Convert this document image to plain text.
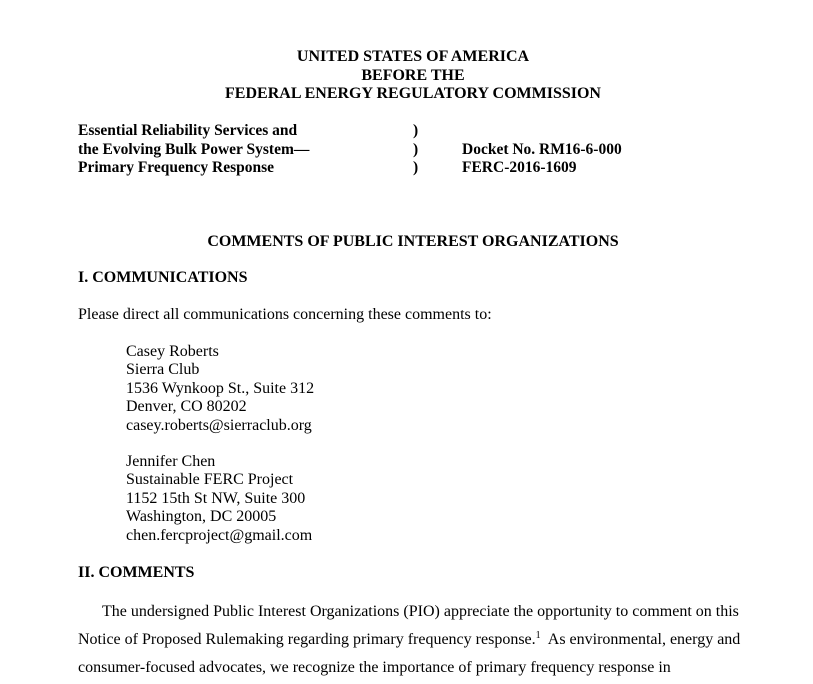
UNITED STATES OF AMERICA
BEFORE THE
FEDERAL ENERGY REGULATORY COMMISSION
Essential Reliability Services and
the Evolving Bulk Power System—
Primary Frequency Response
)
)
)
Docket No. RM16-6-000
FERC-2016-1609
COMMENTS OF PUBLIC INTEREST ORGANIZATIONS
I. COMMUNICATIONS
Please direct all communications concerning these comments to:
Casey Roberts
Sierra Club
1536 Wynkoop St., Suite 312
Denver, CO 80202
casey.roberts@sierraclub.org
Jennifer Chen
Sustainable FERC Project
1152 15th St NW, Suite 300
Washington, DC 20005
chen.fercproject@gmail.com
II. COMMENTS
The undersigned Public Interest Organizations (PIO) appreciate the opportunity to comment on this
Notice of Proposed Rulemaking regarding primary frequency response.$^1$  As environmental, energy and
consumer-focused advocates, we recognize the importance of primary frequency response in
